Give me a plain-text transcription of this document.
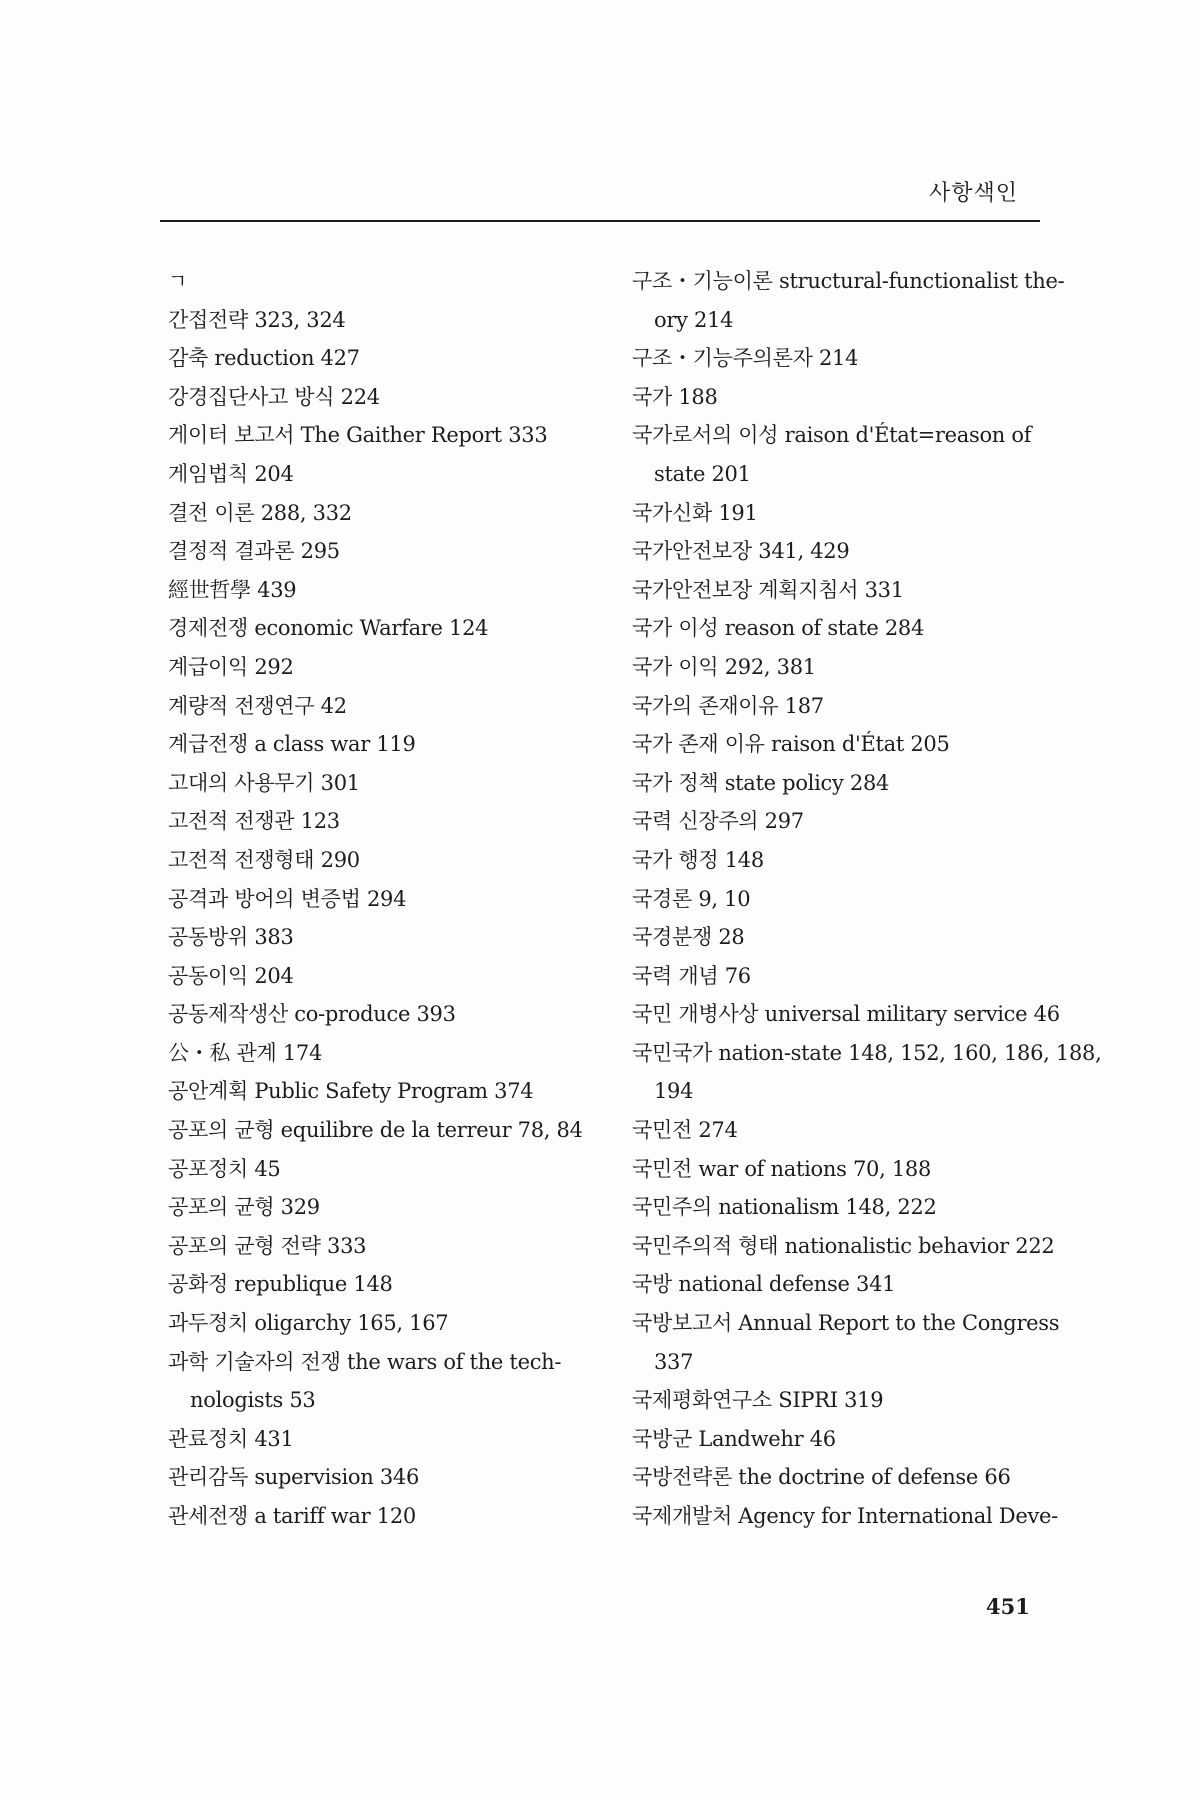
사항색인
ㄱ
간접전략 323, 324
감축 reduction 427
강경집단사고 방식 224
게이터 보고서 The Gaither Report 333
게임법칙 204
결전 이론 288, 332
결정적 결과론 295
經世哲學 439
경제전쟁 economic Warfare 124
계급이익 292
계량적 전쟁연구 42
계급전쟁 a class war 119
고대의 사용무기 301
고전적 전쟁관 123
고전적 전쟁형태 290
공격과 방어의 변증법 294
공동방위 383
공동이익 204
공동제작생산 co-produce 393
公・私 관계 174
공안계획 Public Safety Program 374
공포의 균형 equilibre de la terreur 78, 84
공포정치 45
공포의 균형 329
공포의 균형 전략 333
공화정 republique 148
과두정치 oligarchy 165, 167
과학 기술자의 전쟁 the wars of the tech-
nologists 53
관료정치 431
관리감독 supervision 346
관세전쟁 a tariff war 120
구조・기능이론 structural-functionalist the-
ory 214
구조・기능주의론자 214
국가 188
국가로서의 이성 raison d'État=reason of
state 201
국가신화 191
국가안전보장 341, 429
국가안전보장 계획지침서 331
국가 이성 reason of state 284
국가 이익 292, 381
국가의 존재이유 187
국가 존재 이유 raison d'État 205
국가 정책 state policy 284
국력 신장주의 297
국가 행정 148
국경론 9, 10
국경분쟁 28
국력 개념 76
국민 개병사상 universal military service 46
국민국가 nation-state 148, 152, 160, 186, 188,
194
국민전 274
국민전 war of nations 70, 188
국민주의 nationalism 148, 222
국민주의적 형태 nationalistic behavior 222
국방 national defense 341
국방보고서 Annual Report to the Congress
337
국제평화연구소 SIPRI 319
국방군 Landwehr 46
국방전략론 the doctrine of defense 66
국제개발처 Agency for International Deve-
451
